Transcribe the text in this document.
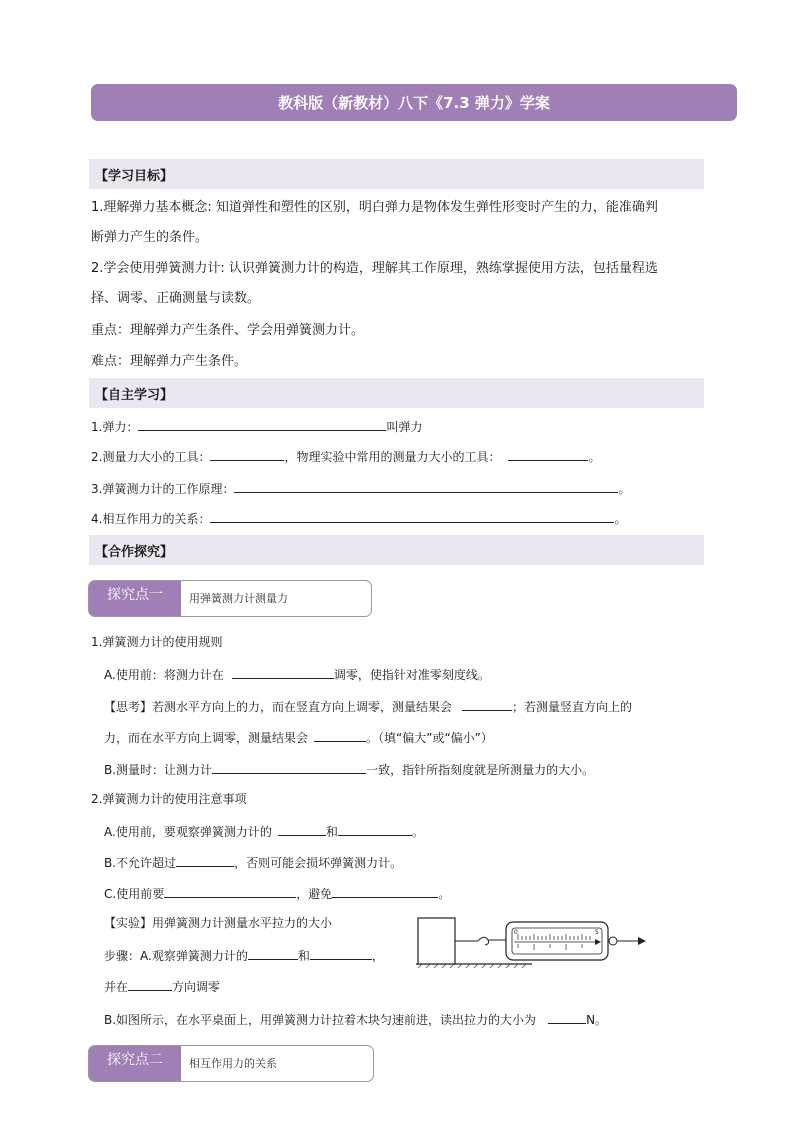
教科版（新教材）八下《7.3 弹力》学案
【学习目标】
1.理解弹力基本概念: 知道弹性和塑性的区别，明白弹力是物体发生弹性形变时产生的力，能准确判
断弹力产生的条件。
2.学会使用弹簧测力计: 认识弹簧测力计的构造，理解其工作原理，熟练掌握使用方法，包括量程选
择、调零、正确测量与读数。
重点：理解弹力产生条件、学会用弹簧测力计。
难点：理解弹力产生条件。
【自主学习】
1.弹力：	叫弹力
2.测量力大小的工具：	，物理实验中常用的测量力大小的工具：	。
3.弹簧测力计的工作原理：	。
4.相互作用力的关系：	。
【合作探究】
探究点一	用弹簧测力计测量力
1.弹簧测力计的使用规则
A.使用前：将测力计在	调零，使指针对准零刻度线。
【思考】若测水平方向上的力，而在竖直方向上调零，测量结果会	；若测量竖直方向上的
力，而在水平方向上调零，测量结果会	。（填“偏大”或“偏小”）
B.测量时：让测力计	一致，指针所指刻度就是所测量力的大小。
2.弹簧测力计的使用注意事项
A.使用前，要观察弹簧测力计的	和	。
B.不允许超过	，否则可能会损坏弹簧测力计。
C.使用前要	，避免	。
【实验】用弹簧测力计测量水平拉力的大小
步骤：A.观察弹簧测力计的	和	，
并在	方向调零
B.如图所示，在水平桌面上，用弹簧测力计拉着木块匀速前进，读出拉力的大小为	N。
0	5
探究点二	相互作用力的关系
